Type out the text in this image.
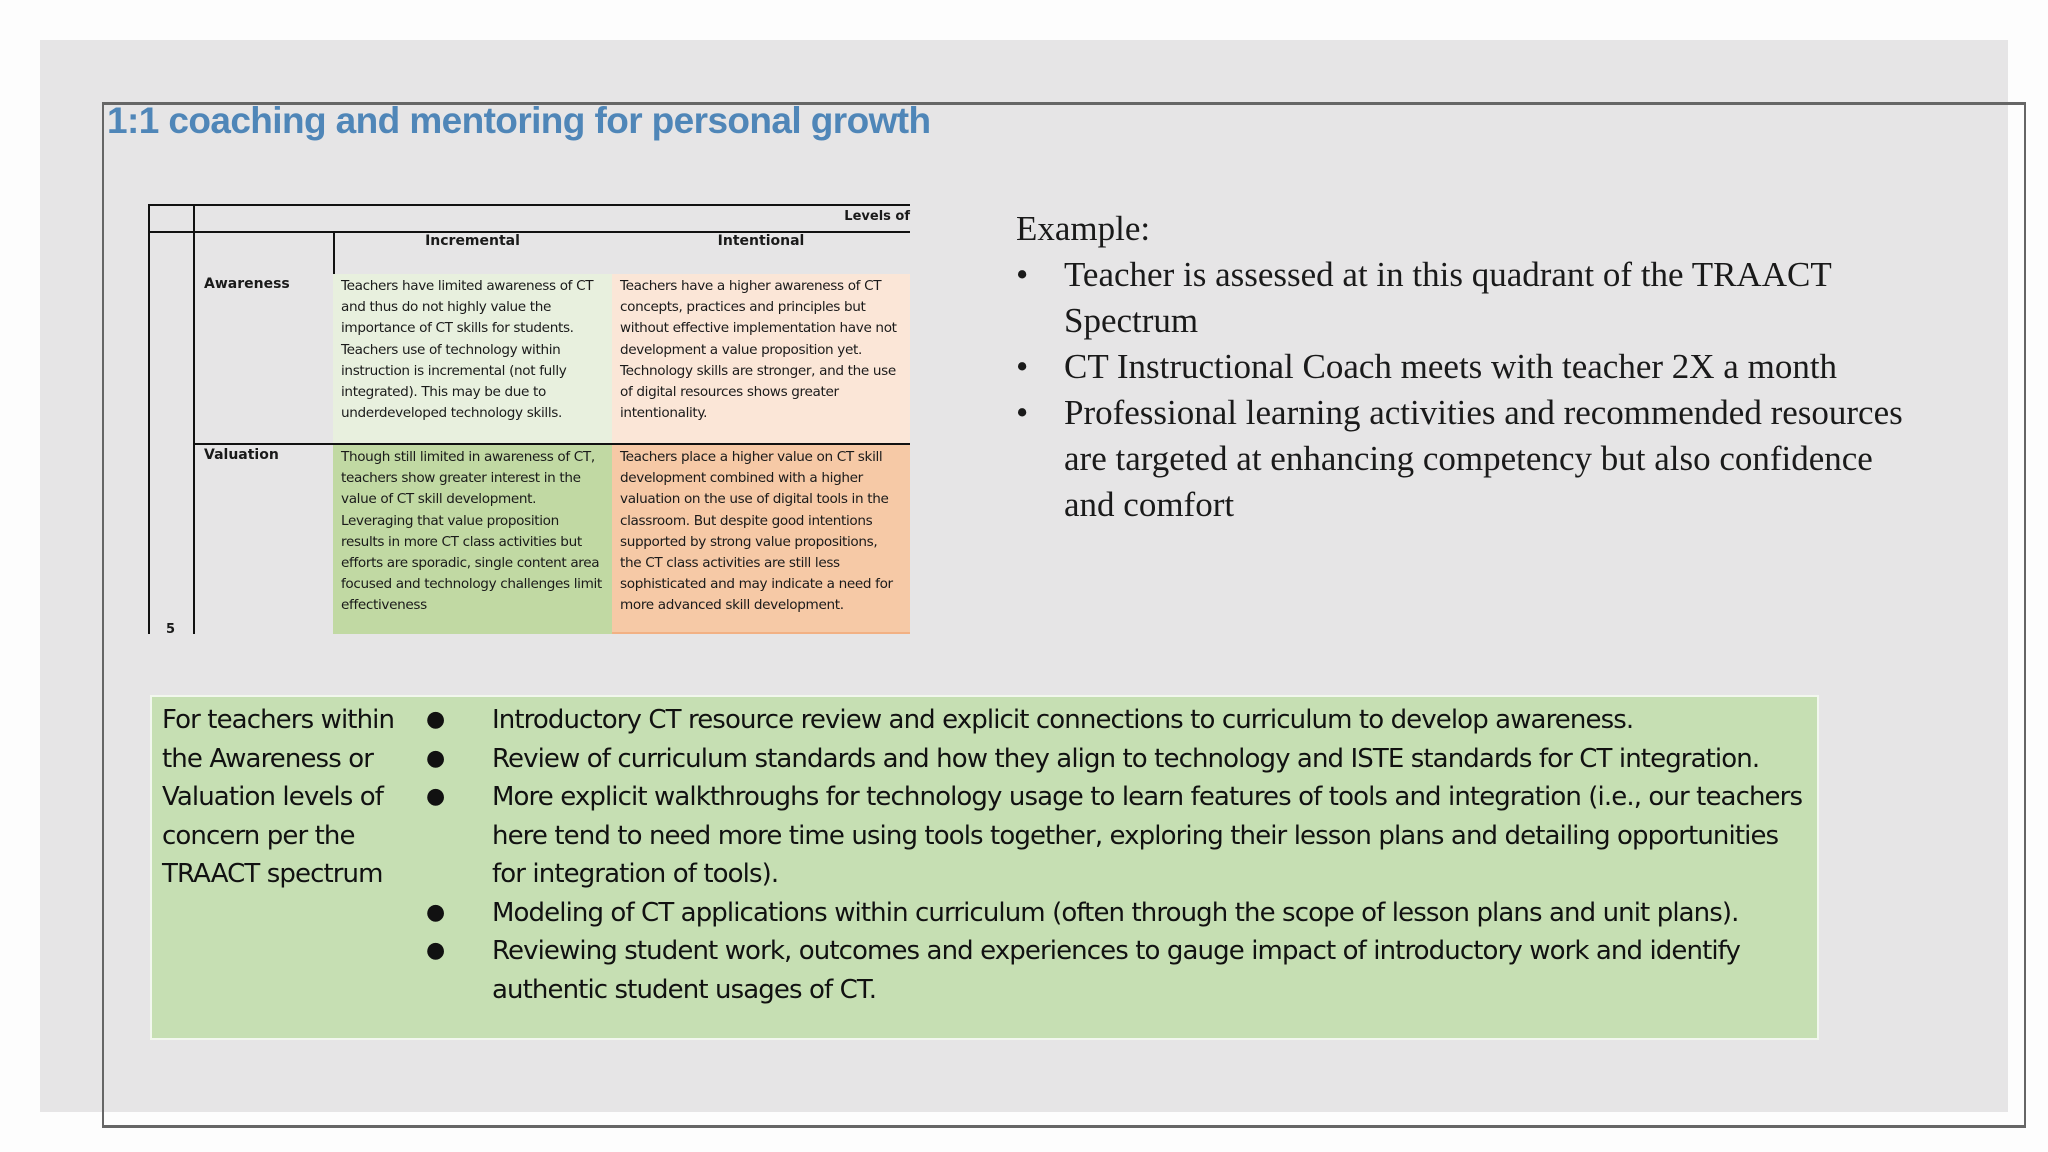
1:1 coaching and mentoring for personal growth
Levels of
Incremental	Intentional
Awareness
Valuation
Teachers have limited awareness of CT and thus do not highly value the importance of CT skills for students. Teachers use of technology within instruction is incremental (not fully integrated). This may be due to underdeveloped technology skills.
Teachers have a higher awareness of CT concepts, practices and principles but without effective implementation have not development a value proposition yet. Technology skills are stronger, and the use of digital resources shows greater intentionality.
Though still limited in awareness of CT, teachers show greater interest in the value of CT skill development. Leveraging that value proposition results in more CT class activities but efforts are sporadic, single content area focused and technology challenges limit effectiveness
Teachers place a higher value on CT skill development combined with a higher valuation on the use of digital tools in the classroom. But despite good intentions supported by strong value propositions, the CT class activities are still less sophisticated and may indicate a need for more advanced skill development.
5
Example:
• Teacher is assessed at in this quadrant of the TRAACT Spectrum
• CT Instructional Coach meets with teacher 2X a month
• Professional learning activities and recommended resources are targeted at enhancing competency but also confidence and comfort
For teachers within the Awareness or Valuation levels of concern per the TRAACT spectrum
● Introductory CT resource review and explicit connections to curriculum to develop awareness.
● Review of curriculum standards and how they align to technology and ISTE standards for CT integration.
● More explicit walkthroughs for technology usage to learn features of tools and integration (i.e., our teachers here tend to need more time using tools together, exploring their lesson plans and detailing opportunities for integration of tools).
● Modeling of CT applications within curriculum (often through the scope of lesson plans and unit plans).
● Reviewing student work, outcomes and experiences to gauge impact of introductory work and identify authentic student usages of CT.
